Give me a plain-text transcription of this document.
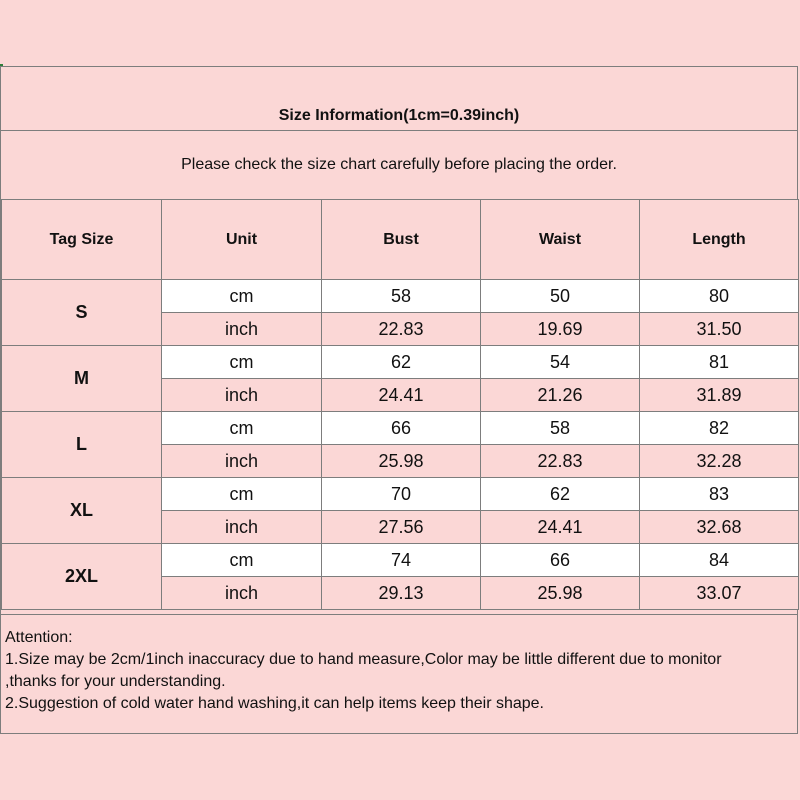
Size Information(1cm=0.39inch)
Please check the size chart carefully before placing the order.
Tag Size	Unit	Bust	Waist	Length
S	cm	58	50	80
	inch	22.83	19.69	31.50
M	cm	62	54	81
	inch	24.41	21.26	31.89
L	cm	66	58	82
	inch	25.98	22.83	32.28
XL	cm	70	62	83
	inch	27.56	24.41	32.68
2XL	cm	74	66	84
	inch	29.13	25.98	33.07
Attention:
1.Size may be 2cm/1inch inaccuracy due to hand measure,Color may be little different due to monitor
,thanks for your understanding.
2.Suggestion of cold water hand washing,it can help items keep their shape.
